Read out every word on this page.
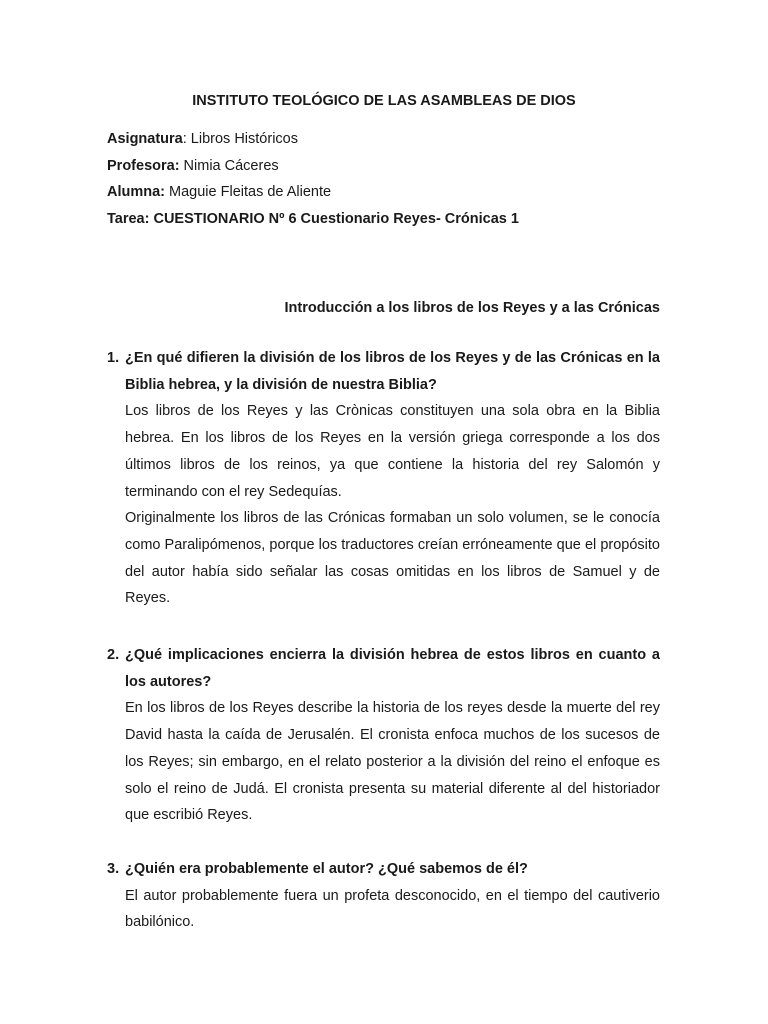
INSTITUTO TEOLÓGICO DE LAS ASAMBLEAS DE DIOS
Asignatura: Libros Históricos
Profesora: Nimia Cáceres
Alumna: Maguie Fleitas de Aliente
Tarea: CUESTIONARIO Nº 6 Cuestionario Reyes- Crónicas 1
Introducción a los libros de los Reyes y a las Crónicas
1. ¿En qué difieren la división de los libros de los Reyes y de las Crónicas en la Biblia hebrea, y la división de nuestra Biblia?
Los libros de los Reyes y las Crònicas constituyen una sola obra en la Biblia hebrea. En los libros de los Reyes en la versión griega corresponde a los dos últimos libros de los reinos, ya que contiene la historia del rey Salomón y terminando con el rey Sedequías.
Originalmente los libros de las Crónicas formaban un solo volumen, se le conocía como Paralipómenos, porque los traductores creían erróneamente que el propósito del autor había sido señalar las cosas omitidas en los libros de Samuel y de Reyes.
2. ¿Qué implicaciones encierra la división hebrea de estos libros en cuanto a los autores?
En los libros de los Reyes describe la historia de los reyes desde la muerte del rey David hasta la caída de Jerusalén. El cronista enfoca muchos de los sucesos de los Reyes; sin embargo, en el relato posterior a la división del reino el enfoque es solo el reino de Judá. El cronista presenta su material diferente al del historiador que escribió Reyes.
3. ¿Quién era probablemente el autor? ¿Qué sabemos de él?
El autor probablemente fuera un profeta desconocido, en el tiempo del cautiverio babilónico.
